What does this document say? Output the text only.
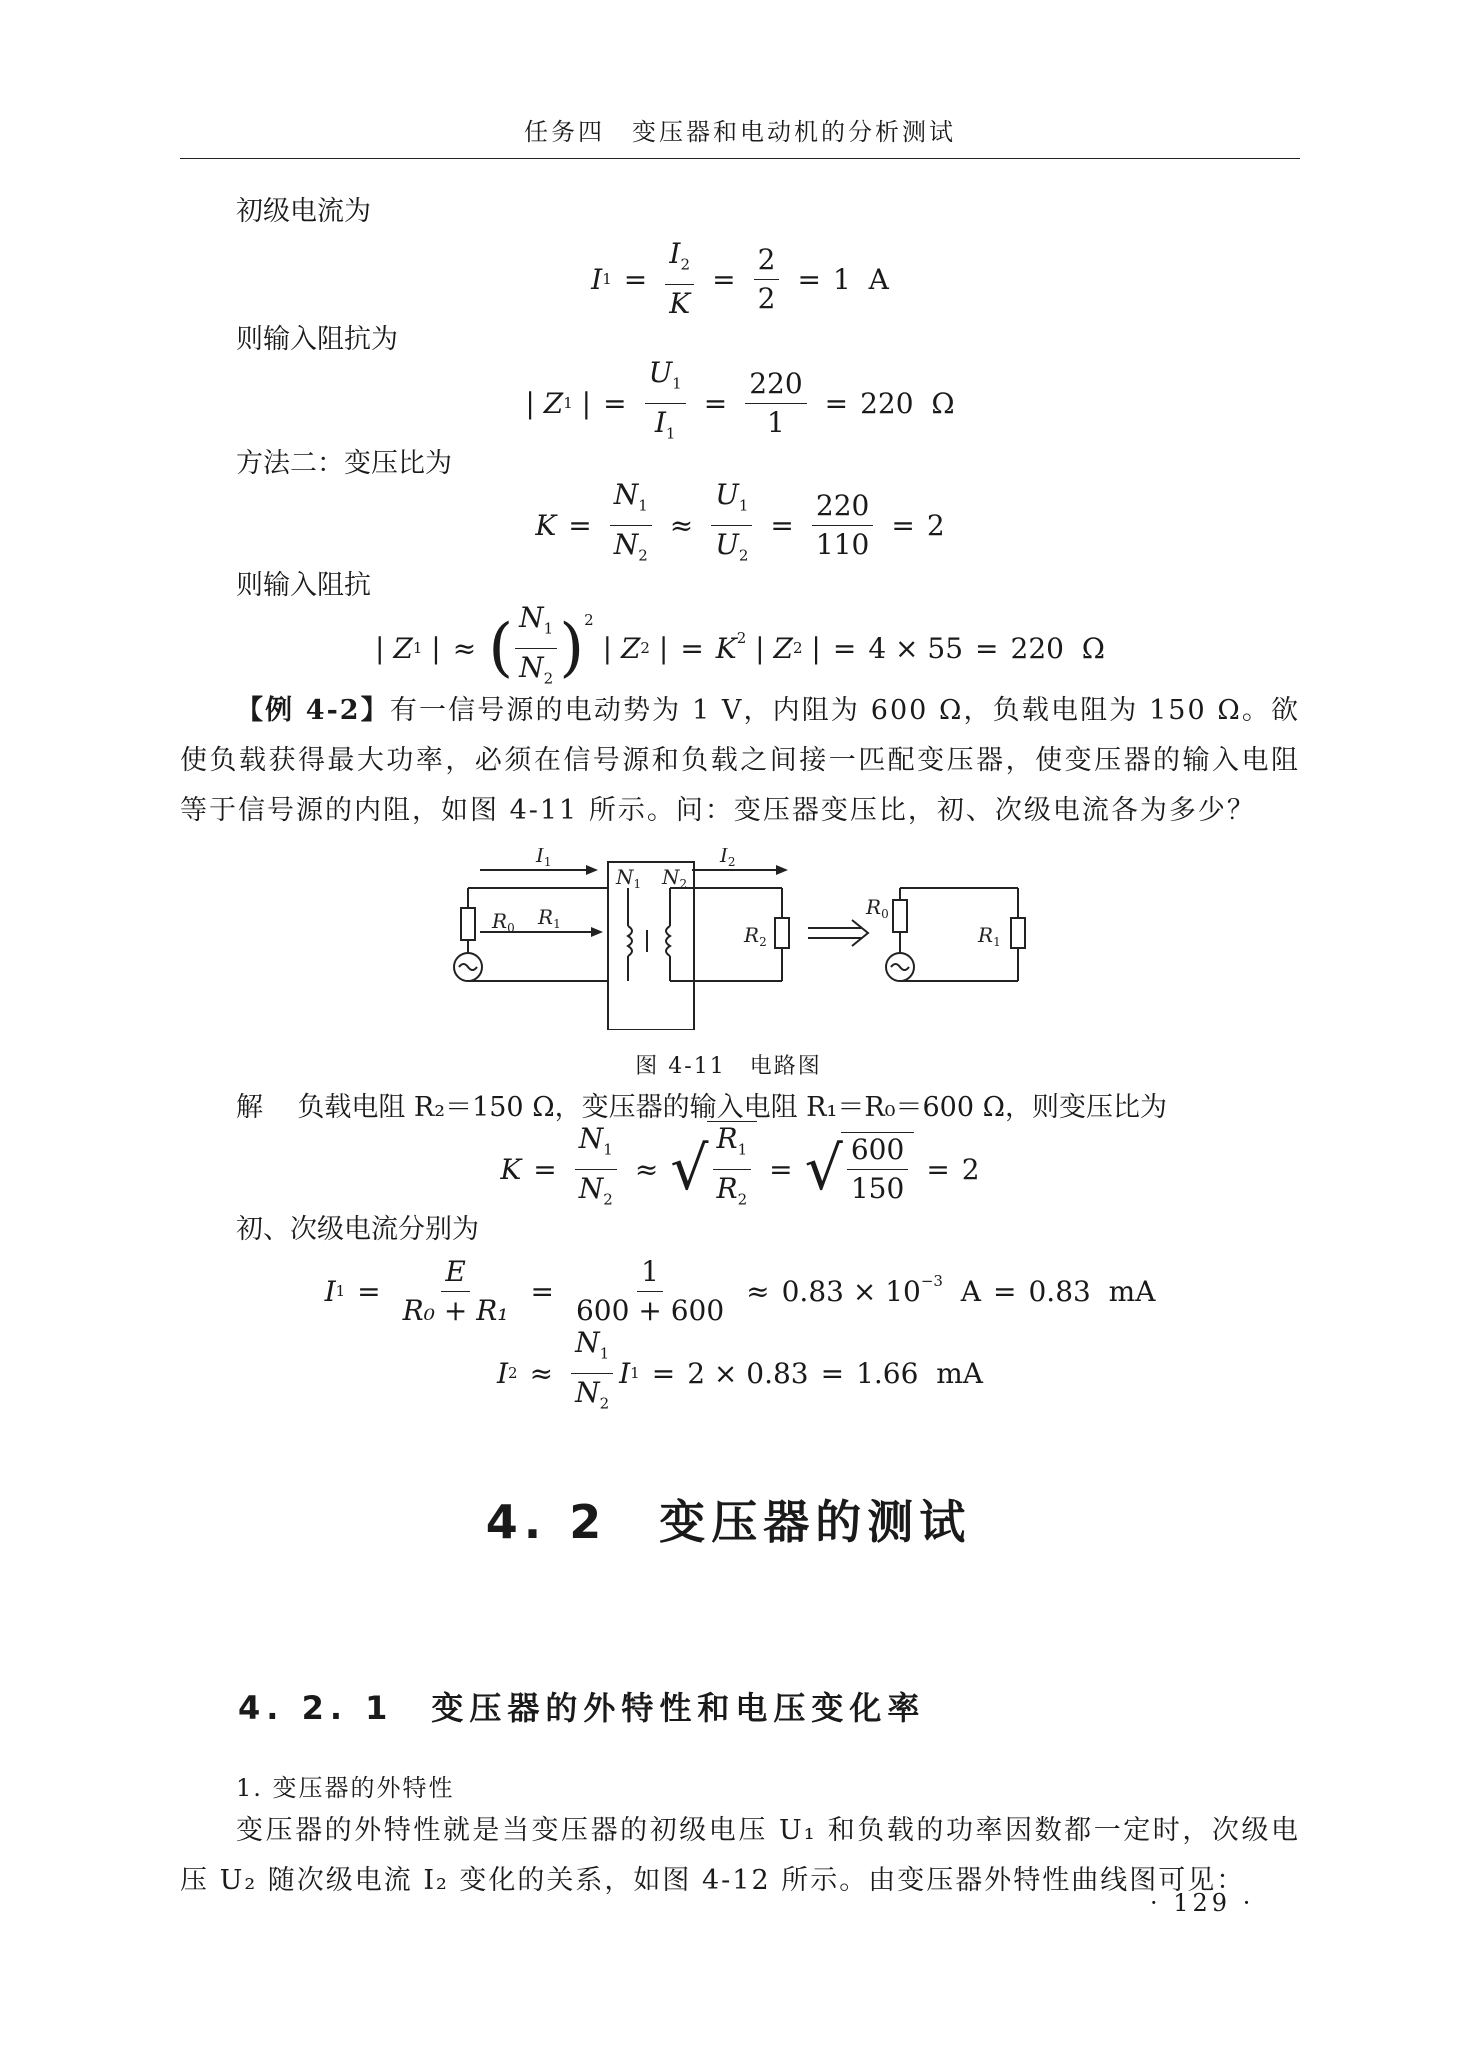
任务四　变压器和电动机的分析测试
初级电流为
I $1 = \frac{I_2}{K} = \frac{2}{2} = 1$
A
则输入阻抗为
| Z 1 | = $\frac{U_1}{I_1} = \frac{220}{1} = 220$
Ω
方法二：变压比为
$K = \frac{N_1}{N_2} \approx \frac{U_1}{U_2} = \frac{220}{110} = 2$
则输入阻抗
| Z 1 | ≈ ( $\frac{N_1}{N_2} )^2$
| Z 2 | = $K^2$ | Z 2 | = 4 × 55 = 220
Ω
【例 4-2】有一信号源的电动势为 1 V，内阻为 600 Ω，负载电阻为 150 Ω。欲使负载获得最大功率，必须在信号源和负载之间接一匹配变压器，使变压器的输入电阻等于信号源的内阻，如图 4-11 所示。问：变压器变压比，初、次级电流各为多少？
$I_1$
$N_1$ $N_2$
$I_2$
$R_0$ $R_1$	$R_2$
$R_0$
$R_1$
图 4-11　电路图
解 负载电阻 R₂＝150 Ω，变压器的输入电阻 R₁＝R₀＝600 Ω，则变压比为
$K = \frac{N_1}{N_2}$ ≈ √ $\frac{R_1}{R_2}$ = √ $\frac{600}{150} = 2$
初、次级电流分别为
I $1 = \frac{E}{\text{R₀ + R₁}} = \frac{1}{600 + 600} \approx 0.83 \times 10^{-3}$
A = 0.83
mA
I $2 \approx \frac{N_1}{N_2}$ I 1 = 2 × 0.83 = 1.66
mA
4. 2　变压器的测试
4. 2. 1　变压器的外特性和电压变化率
1. 变压器的外特性
变压器的外特性就是当变压器的初级电压 U₁ 和负载的功率因数都一定时，次级电压 U₂ 随次级电流 I₂ 变化的关系，如图 4-12 所示。由变压器外特性曲线图可见：
· 129 ·
